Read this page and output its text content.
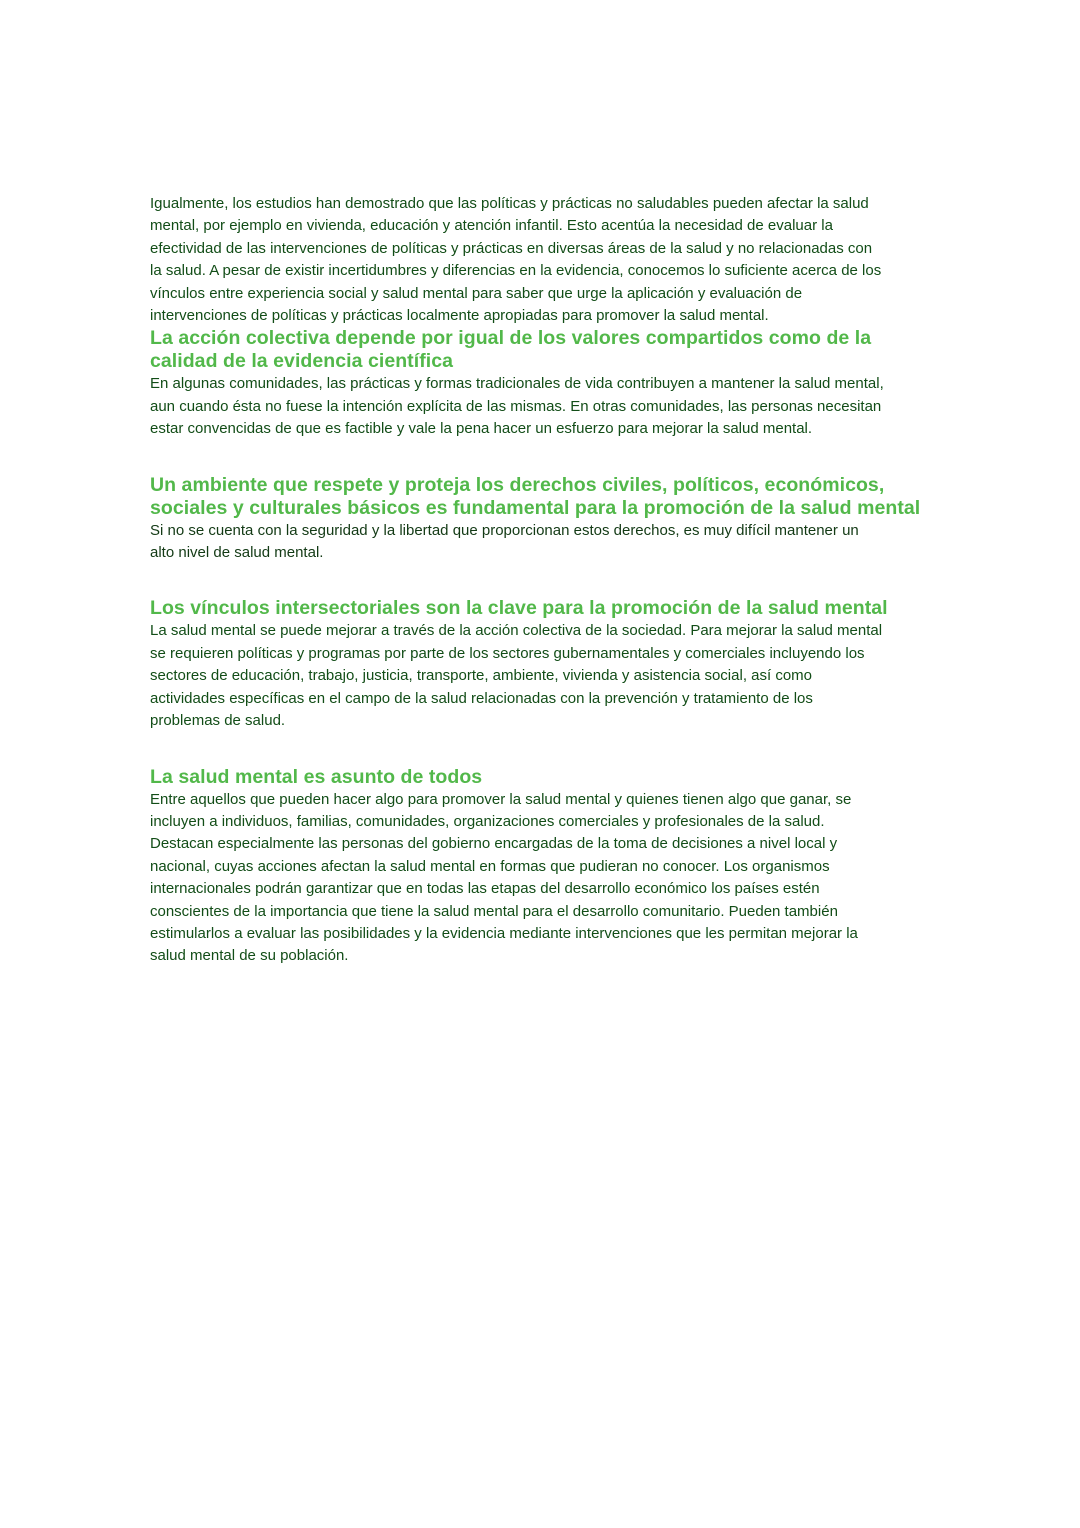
Igualmente, los estudios han demostrado que las políticas y prácticas no saludables pueden afectar la salud
mental, por ejemplo en vivienda, educación y atención infantil. Esto acentúa la necesidad de evaluar la
efectividad de las intervenciones de políticas y prácticas en diversas áreas de la salud y no relacionadas con
la salud. A pesar de existir incertidumbres y diferencias en la evidencia, conocemos lo suficiente acerca de los
vínculos entre experiencia social y salud mental para saber que urge la aplicación y evaluación de
intervenciones de políticas y prácticas localmente apropiadas para promover la salud mental.

La acción colectiva depende por igual de los valores compartidos como de la
calidad de la evidencia científica

En algunas comunidades, las prácticas y formas tradicionales de vida contribuyen a mantener la salud mental,
aun cuando ésta no fuese la intención explícita de las mismas. En otras comunidades, las personas necesitan
estar convencidas de que es factible y vale la pena hacer un esfuerzo para mejorar la salud mental.

Un ambiente que respete y proteja los derechos civiles, políticos, económicos,
sociales y culturales básicos es fundamental para la promoción de la salud mental

Si no se cuenta con la seguridad y la libertad que proporcionan estos derechos, es muy difícil mantener un
alto nivel de salud mental.

Los vínculos intersectoriales son la clave para la promoción de la salud mental

La salud mental se puede mejorar a través de la acción colectiva de la sociedad. Para mejorar la salud mental
se requieren políticas y programas por parte de los sectores gubernamentales y comerciales incluyendo los
sectores de educación, trabajo, justicia, transporte, ambiente, vivienda y asistencia social, así como
actividades específicas en el campo de la salud relacionadas con la prevención y tratamiento de los
problemas de salud.

La salud mental es asunto de todos

Entre aquellos que pueden hacer algo para promover la salud mental y quienes tienen algo que ganar, se
incluyen a individuos, familias, comunidades, organizaciones comerciales y profesionales de la salud.
Destacan especialmente las personas del gobierno encargadas de la toma de decisiones a nivel local y
nacional, cuyas acciones afectan la salud mental en formas que pudieran no conocer. Los organismos
internacionales podrán garantizar que en todas las etapas del desarrollo económico los países estén
conscientes de la importancia que tiene la salud mental para el desarrollo comunitario. Pueden también
estimularlos a evaluar las posibilidades y la evidencia mediante intervenciones que les permitan mejorar la
salud mental de su población.
